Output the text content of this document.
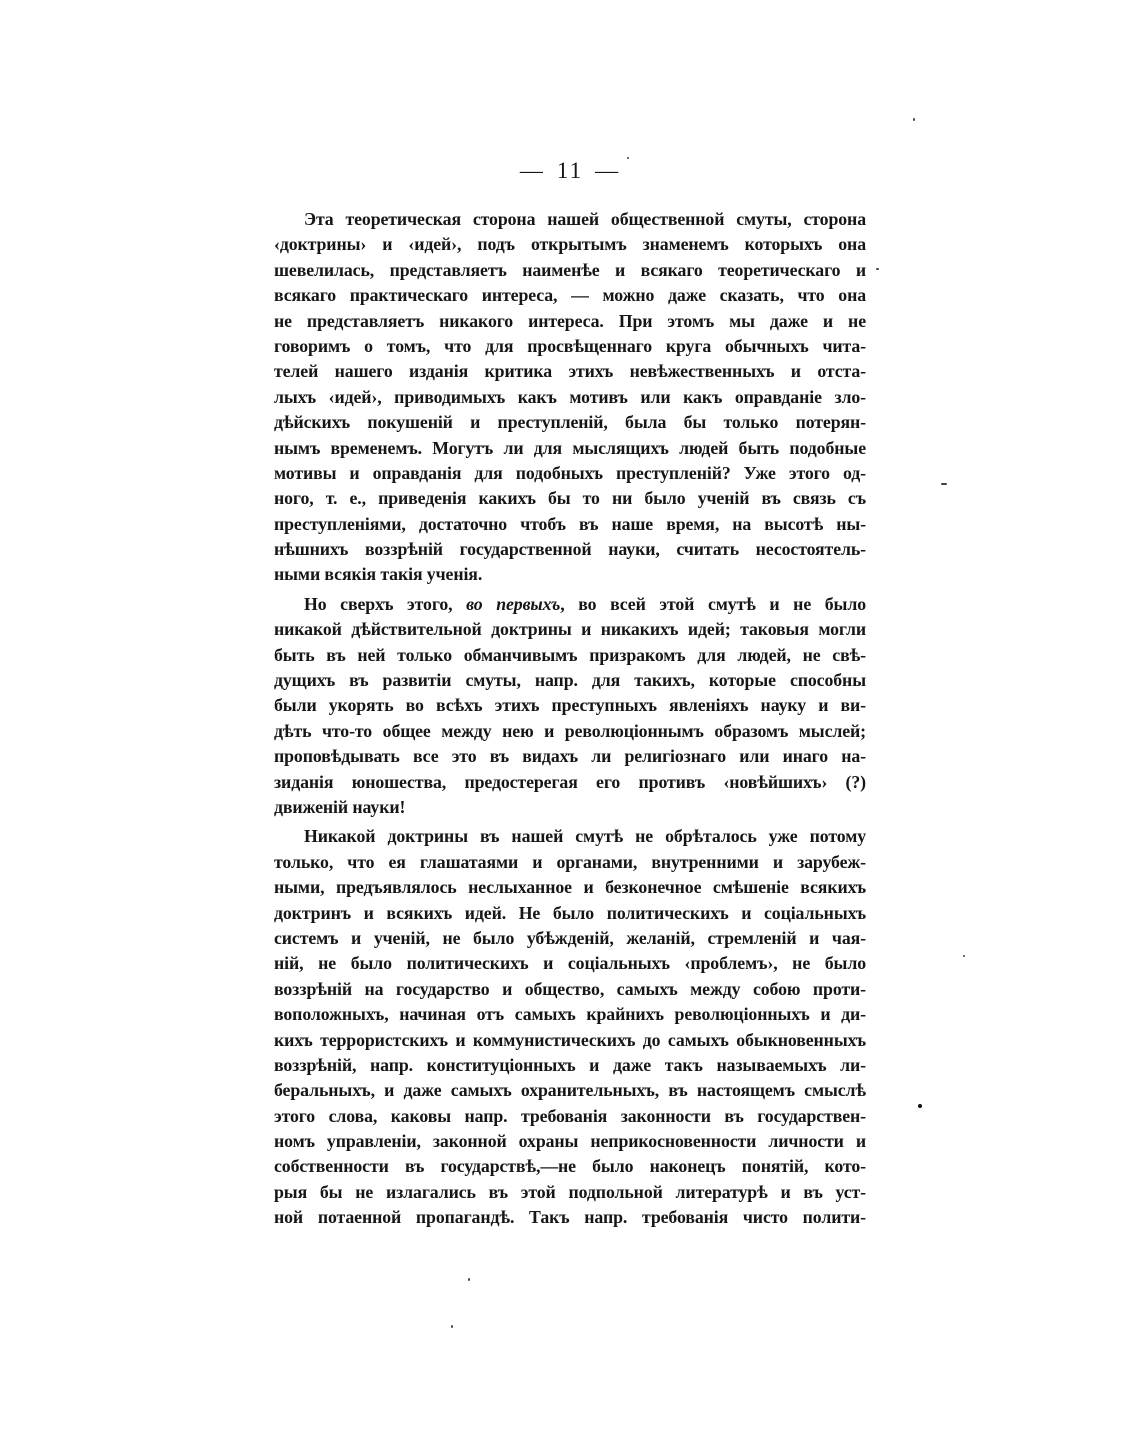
— 11 —
Эта теоретическая сторона нашей общественной смуты, сторона
‹доктрины› и ‹идей›, подъ открытымъ знаменемъ которыхъ она
шевелилась, представляетъ наименѣе и всякаго теоретическаго и
всякаго практическаго интереса, — можно даже сказать, что она
не представляетъ никакого интереса. При этомъ мы даже и не
говоримъ о томъ, что для просвѣщеннаго круга обычныхъ чита-
телей нашего изданія критика этихъ невѣжественныхъ и отста-
лыхъ ‹идей›, приводимыхъ какъ мотивъ или какъ оправданіе зло-
дѣйскихъ покушеній и преступленій, была бы только потерян-
нымъ временемъ. Могутъ ли для мыслящихъ людей быть подобные
мотивы и оправданія для подобныхъ преступленій? Уже этого од-
ного, т. е., приведенія какихъ бы то ни было ученій въ связь съ
преступленіями, достаточно чтобъ въ наше время, на высотѣ ны-
нѣшнихъ воззрѣній государственной науки, считать несостоятель-
ными всякія такія ученія.
Но сверхъ этого, во первыхъ, во всей этой смутѣ и не было
никакой дѣйствительной доктрины и никакихъ идей; таковыя могли
быть въ ней только обманчивымъ призракомъ для людей, не свѣ-
дущихъ въ развитіи смуты, напр. для такихъ, которые способны
были укорять во всѣхъ этихъ преступныхъ явленіяхъ науку и ви-
дѣть что-то общее между нею и революціоннымъ образомъ мыслей;
проповѣдывать все это въ видахъ ли религіознаго или инаго на-
зиданія юношества, предостерегая его противъ ‹новѣйшихъ› (?)
движеній науки!
Никакой доктрины въ нашей смутѣ не обрѣталось уже потому
только, что ея глашатаями и органами, внутренними и зарубеж-
ными, предъявлялось неслыханное и безконечное смѣшеніе всякихъ
доктринъ и всякихъ идей. Не было политическихъ и соціальныхъ
системъ и ученій, не было убѣжденій, желаній, стремленій и чая-
ній, не было политическихъ и соціальныхъ ‹проблемъ›, не было
воззрѣній на государство и общество, самыхъ между собою проти-
воположныхъ, начиная отъ самыхъ крайнихъ революціонныхъ и ди-
кихъ террористскихъ и коммунистическихъ до самыхъ обыкновенныхъ
воззрѣній, напр. конституціонныхъ и даже такъ называемыхъ ли-
беральныхъ, и даже самыхъ охранительныхъ, въ настоящемъ смыслѣ
этого слова, каковы напр. требованія законности въ государствен-
номъ управленіи, законной охраны неприкосновенности личности и
собственности въ государствѣ,—не было наконецъ понятій, кото-
рыя бы не излагались въ этой подпольной литературѣ и въ уст-
ной потаенной пропагандѣ. Такъ напр. требованія чисто полити-
